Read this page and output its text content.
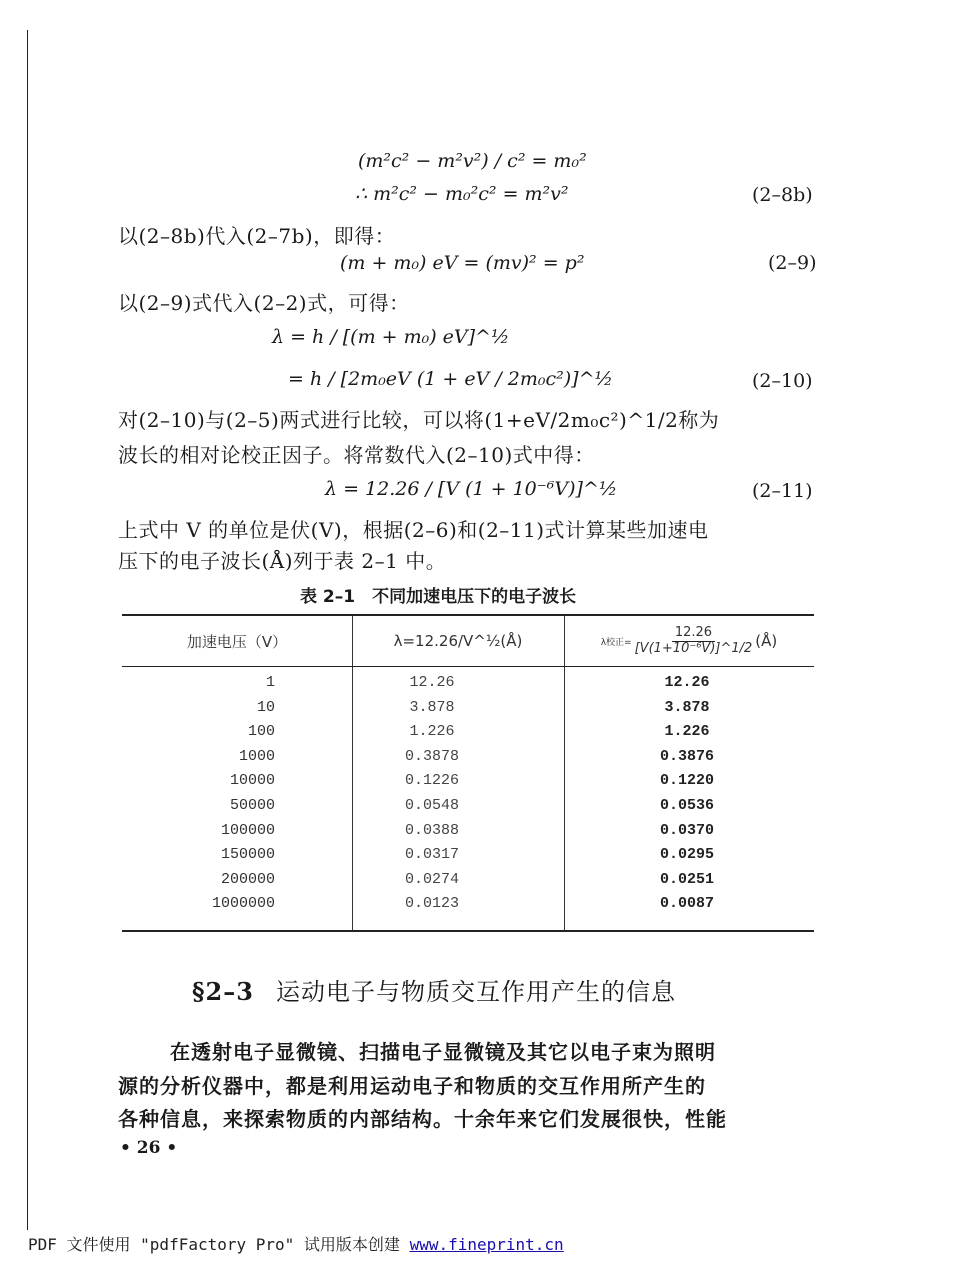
(m²c² − m²v²) / c² = m₀²
∴ m²c² − m₀²c² = m²v²	(2–8b)
以(2–8b)代入(2–7b)，即得：
(m + m₀) eV = (mv)² = p²	(2–9)
以(2–9)式代入(2–2)式，可得：
λ = h / [(m + m₀) eV]^½
= h / [2m₀eV (1 + eV / 2m₀c²)]^½	(2–10)
对(2–10)与(2–5)两式进行比较，可以将(1+eV/2m₀c²)^1/2称为
波长的相对论校正因子。将常数代入(2–10)式中得：
λ = 12.26 / [V (1 + 10⁻⁶V)]^½	(2–11)
上式中 V 的单位是伏(V)，根据(2–6)和(2–11)式计算某些加速电
压下的电子波长(Å)列于表 2–1 中。
表 2–1　不同加速电压下的电子波长
加速电压（V）	λ=12.26/V^½(Å)	λ校正= $\frac{12.26}{\text{[V(1+10⁻⁶V)]\textasciicircum{}1/2}}$ (Å)
1	12.26	12.26
10	3.878	3.878
100	1.226	1.226
1000	0.3878	0.3876
10000	0.1226	0.1220
50000	0.0548	0.0536
100000	0.0388	0.0370
150000	0.0317	0.0295
200000	0.0274	0.0251
1000000	0.0123	0.0087
§2–3 运动电子与物质交互作用产生的信息
在透射电子显微镜、扫描电子显微镜及其它以电子束为照明
源的分析仪器中，都是利用运动电子和物质的交互作用所产生的
各种信息，来探索物质的内部结构。十余年来它们发展很快，性能
• 26 •
PDF 文件使用 "pdfFactory Pro" 试用版本创建 www.fineprint.cn
